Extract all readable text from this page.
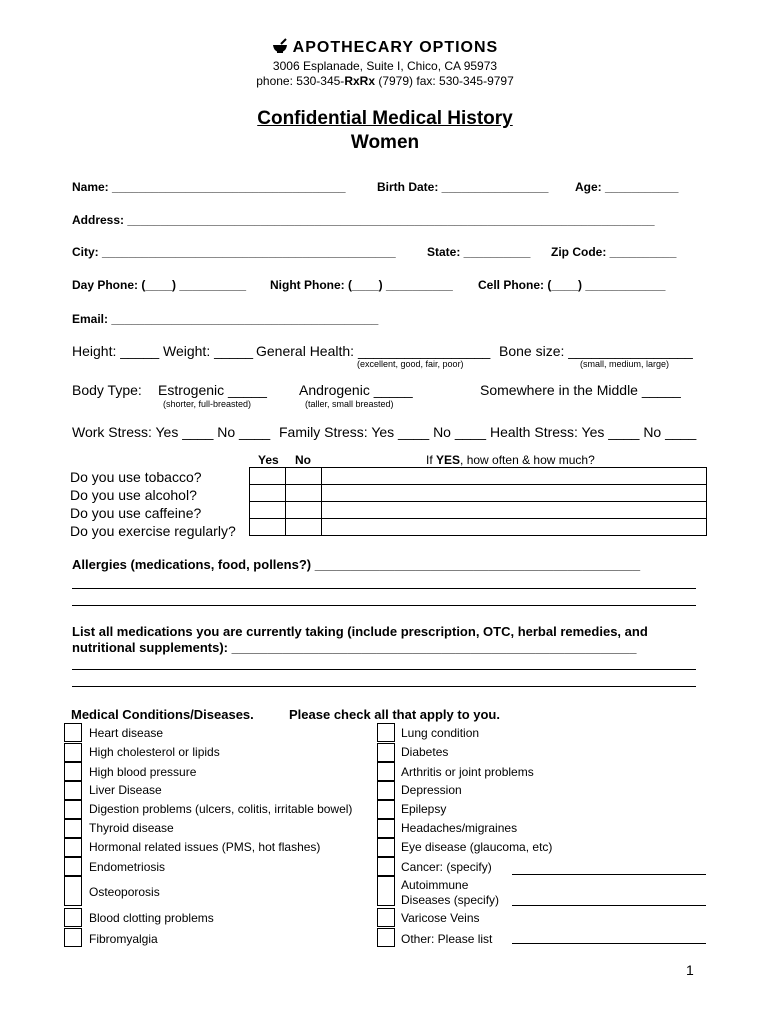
APOTHECARY OPTIONS
3006 Esplanade, Suite I, Chico, CA 95973
phone: 530-345-RxRx (7979) fax: 530-345-9797
Confidential Medical History
Women
Name: ___________________________________	Birth Date: ________________ Age: ___________
Address: _______________________________________________________________________________
City: ____________________________________________	State: __________ Zip Code: __________
Day Phone: (____) __________ Night Phone: (____) __________ Cell Phone: (____) ____________
Email: ________________________________________
Height: _____ Weight: _____ General Health: _________________
(excellent, good, fair, poor)
Bone size: ________________
(small, medium, large)
Body Type: Estrogenic _____
(shorter, full-breasted)
Androgenic _____
(taller, small breasted)
Somewhere in the Middle _____
Work Stress: Yes ____ No ____ Family Stress: Yes ____ No ____ Health Stress: Yes ____ No ____
Yes No	If YES, how often & how much?
Do you use tobacco?
Do you use alcohol?
Do you use caffeine?
Do you exercise regularly?

Allergies (medications, food, pollens?) _____________________________________________
List all medications you are currently taking (include prescription, OTC, herbal remedies, and
nutritional supplements): ________________________________________________________
Medical Conditions/Diseases.	Please check all that apply to you.
Heart disease
High cholesterol or lipids
High blood pressure
Liver Disease
Digestion problems (ulcers, colitis, irritable bowel)
Thyroid disease
Hormonal related issues (PMS, hot flashes)
Endometriosis
Osteoporosis
Blood clotting problems
Fibromyalgia
Lung condition
Diabetes
Arthritis or joint problems
Depression
Epilepsy
Headaches/migraines
Eye disease (glaucoma, etc)
Cancer: (specify)
Autoimmune
Diseases (specify)
Varicose Veins
Other: Please list
1
